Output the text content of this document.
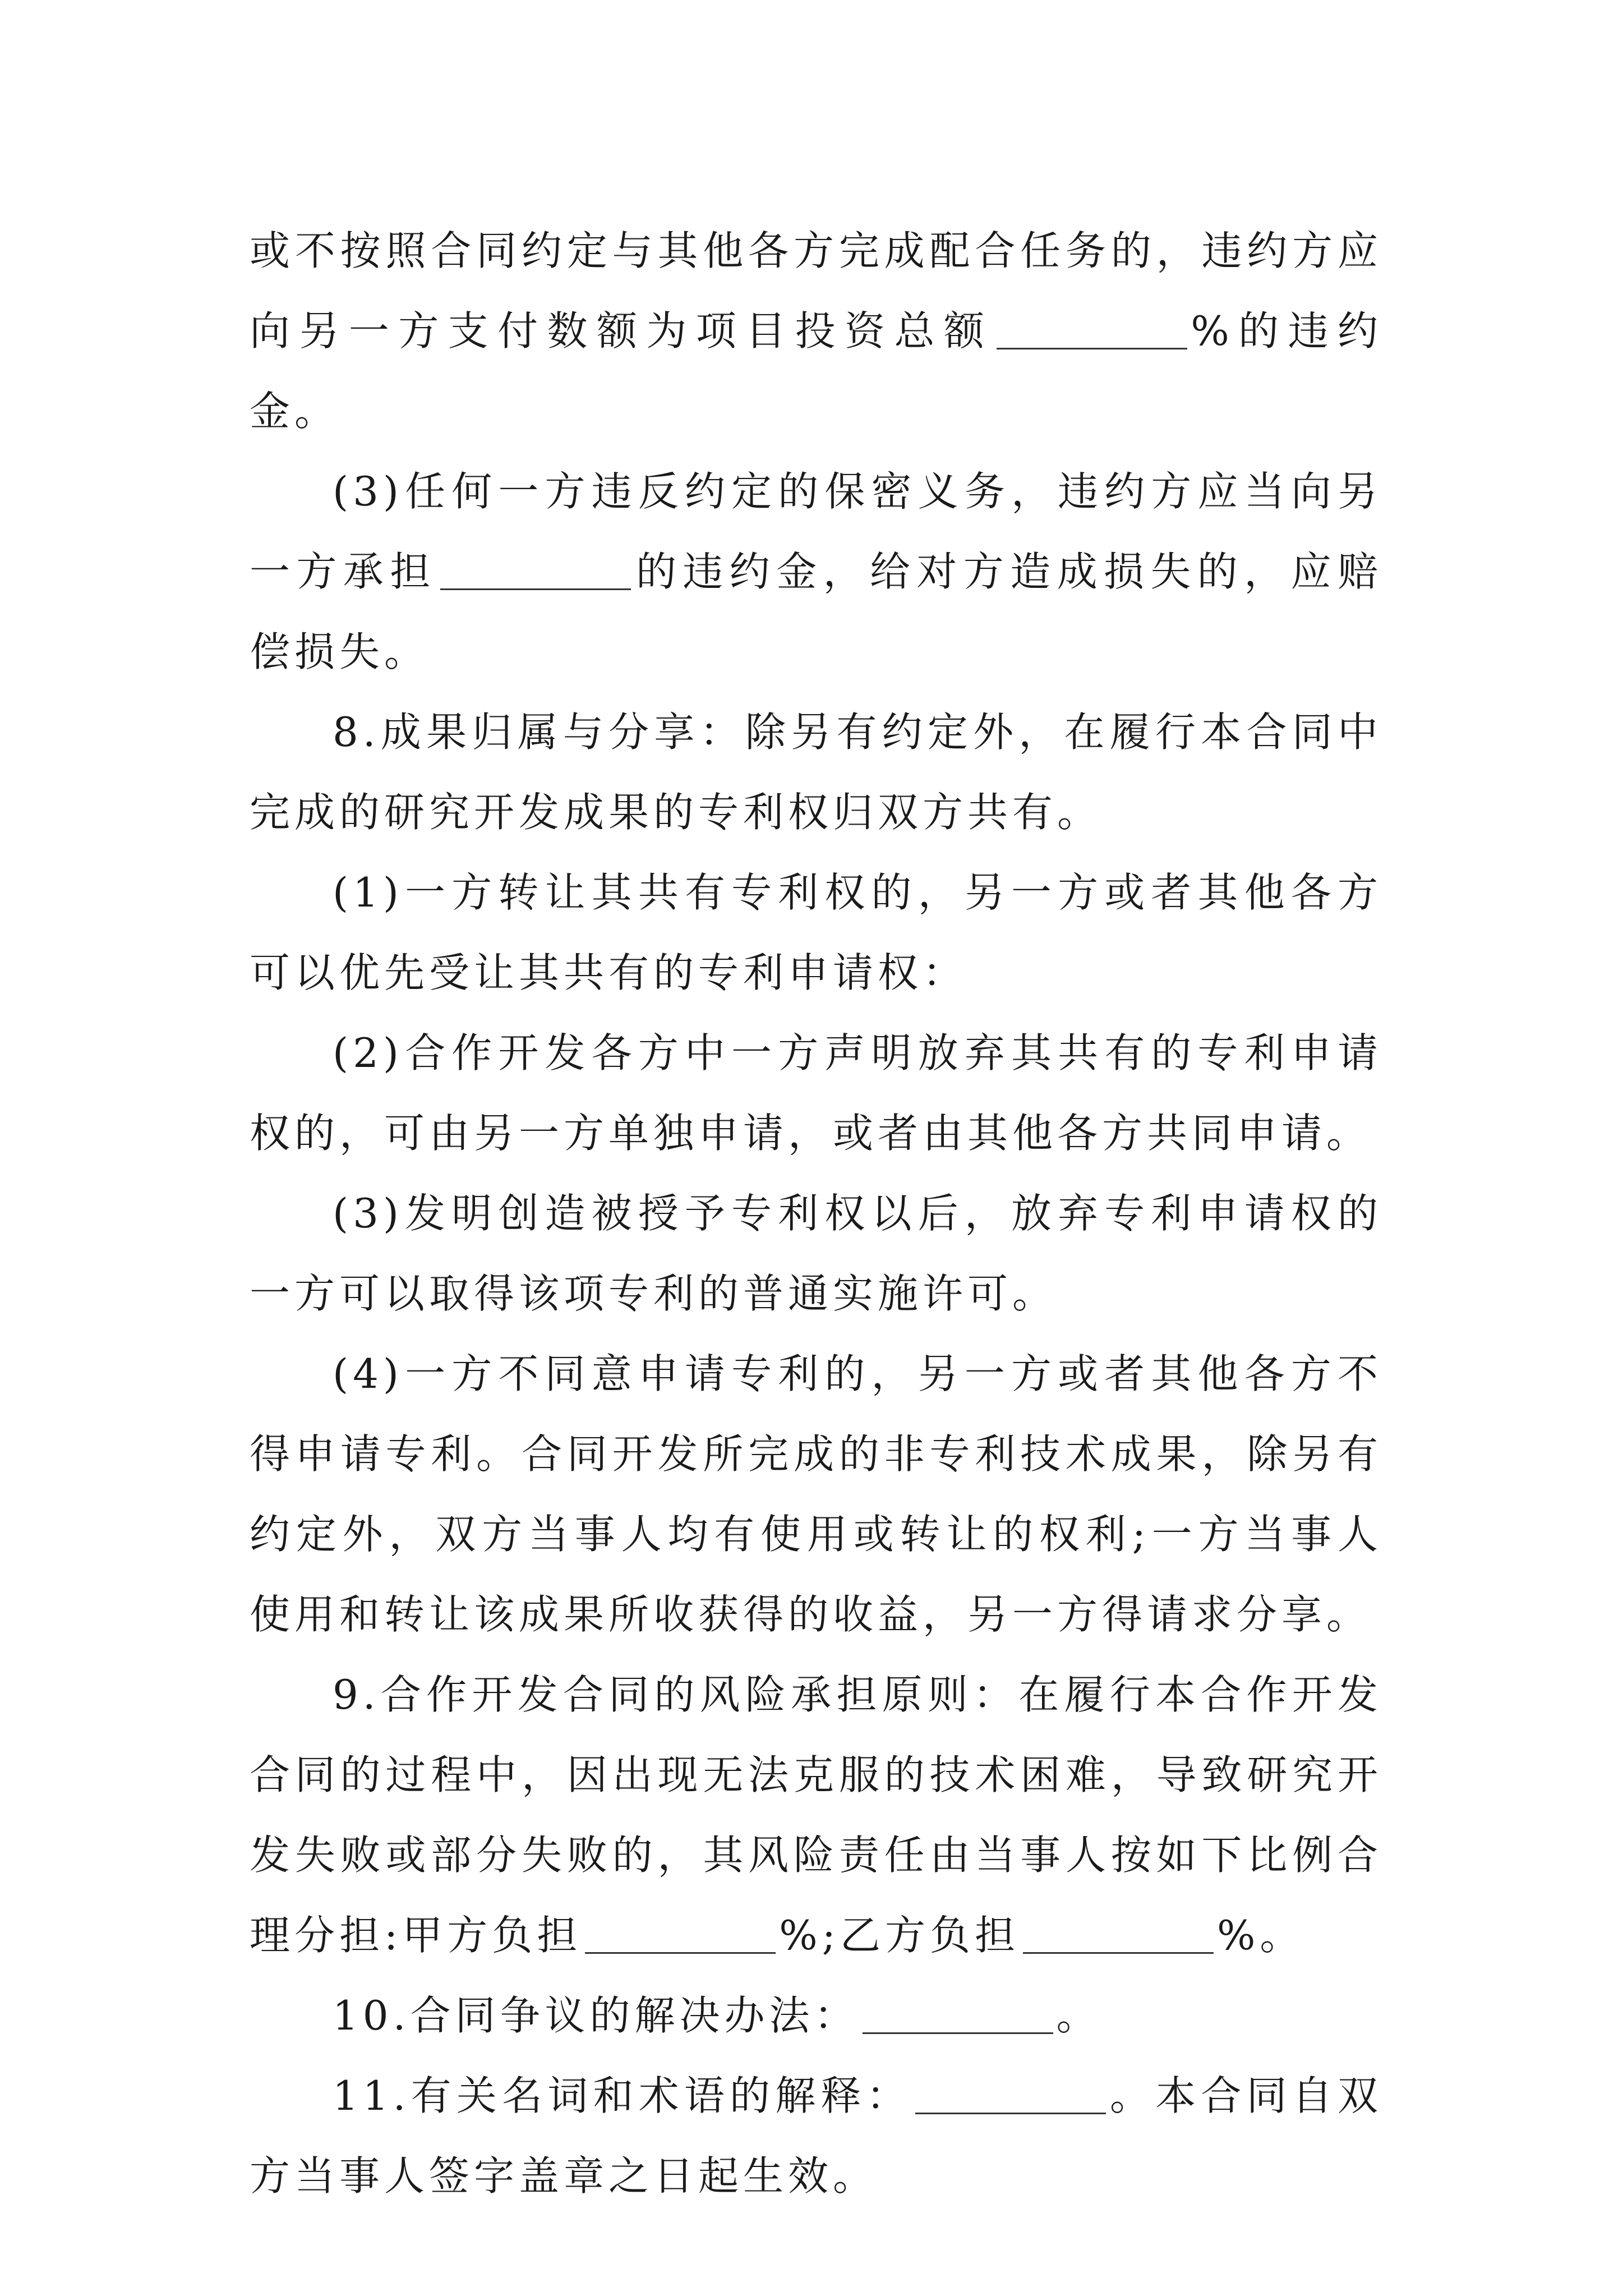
或不按照合同约定与其他各方完成配合任务的，违约方应向另一方支付数额为项目投资总额	%的违约金。

(3)任何一方违反约定的保密义务，违约方应当向另一方承担	的违约金，给对方造成损失的，应赔偿损失。

8.成果归属与分享：除另有约定外，在履行本合同中完成的研究开发成果的专利权归双方共有。

(1)一方转让其共有专利权的，另一方或者其他各方可以优先受让其共有的专利申请权：

(2)合作开发各方中一方声明放弃其共有的专利申请权的，可由另一方单独申请，或者由其他各方共同申请。

(3)发明创造被授予专利权以后，放弃专利申请权的一方可以取得该项专利的普通实施许可。

(4)一方不同意申请专利的，另一方或者其他各方不得申请专利。合同开发所完成的非专利技术成果，除另有约定外，双方当事人均有使用或转让的权利;一方当事人使用和转让该成果所收获得的收益，另一方得请求分享。

9.合作开发合同的风险承担原则：在履行本合作开发合同的过程中，因出现无法克服的技术困难，导致研究开发失败或部分失败的，其风险责任由当事人按如下比例合理分担:甲方负担	%;乙方负担	%。

10.合同争议的解决办法：	。

11.有关名词和术语的解释：	。本合同自双方当事人签字盖章之日起生效。
